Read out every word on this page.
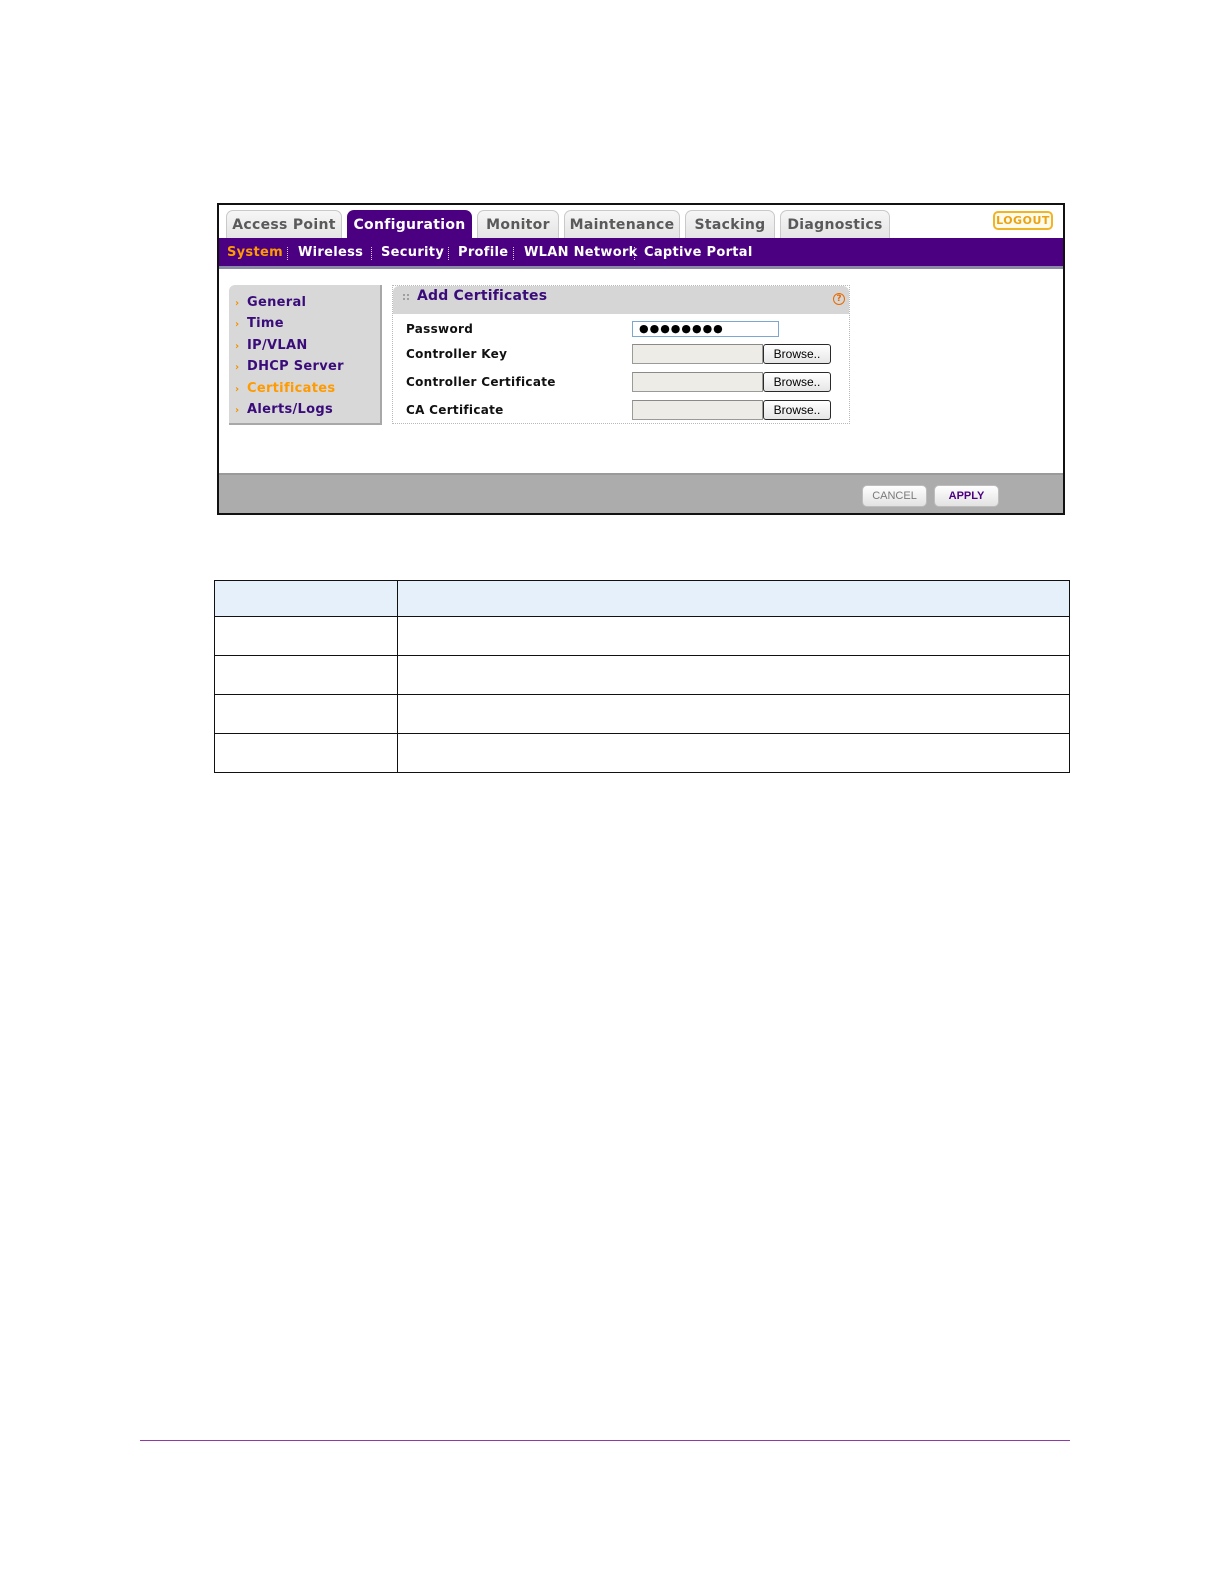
Access Point	Configuration	Monitor	Maintenance	Stacking	Diagnostics	LOGOUT
System Wireless Security Profile WLAN Network Captive Portal
› General
› Time
› IP/VLAN
› DHCP Server
› Certificates
› Alerts/Logs
Add Certificates	?
Password	●●●●●●●●
Controller Key	Browse..
Controller Certificate	Browse..
CA Certificate	Browse..
CANCEL	APPLY
